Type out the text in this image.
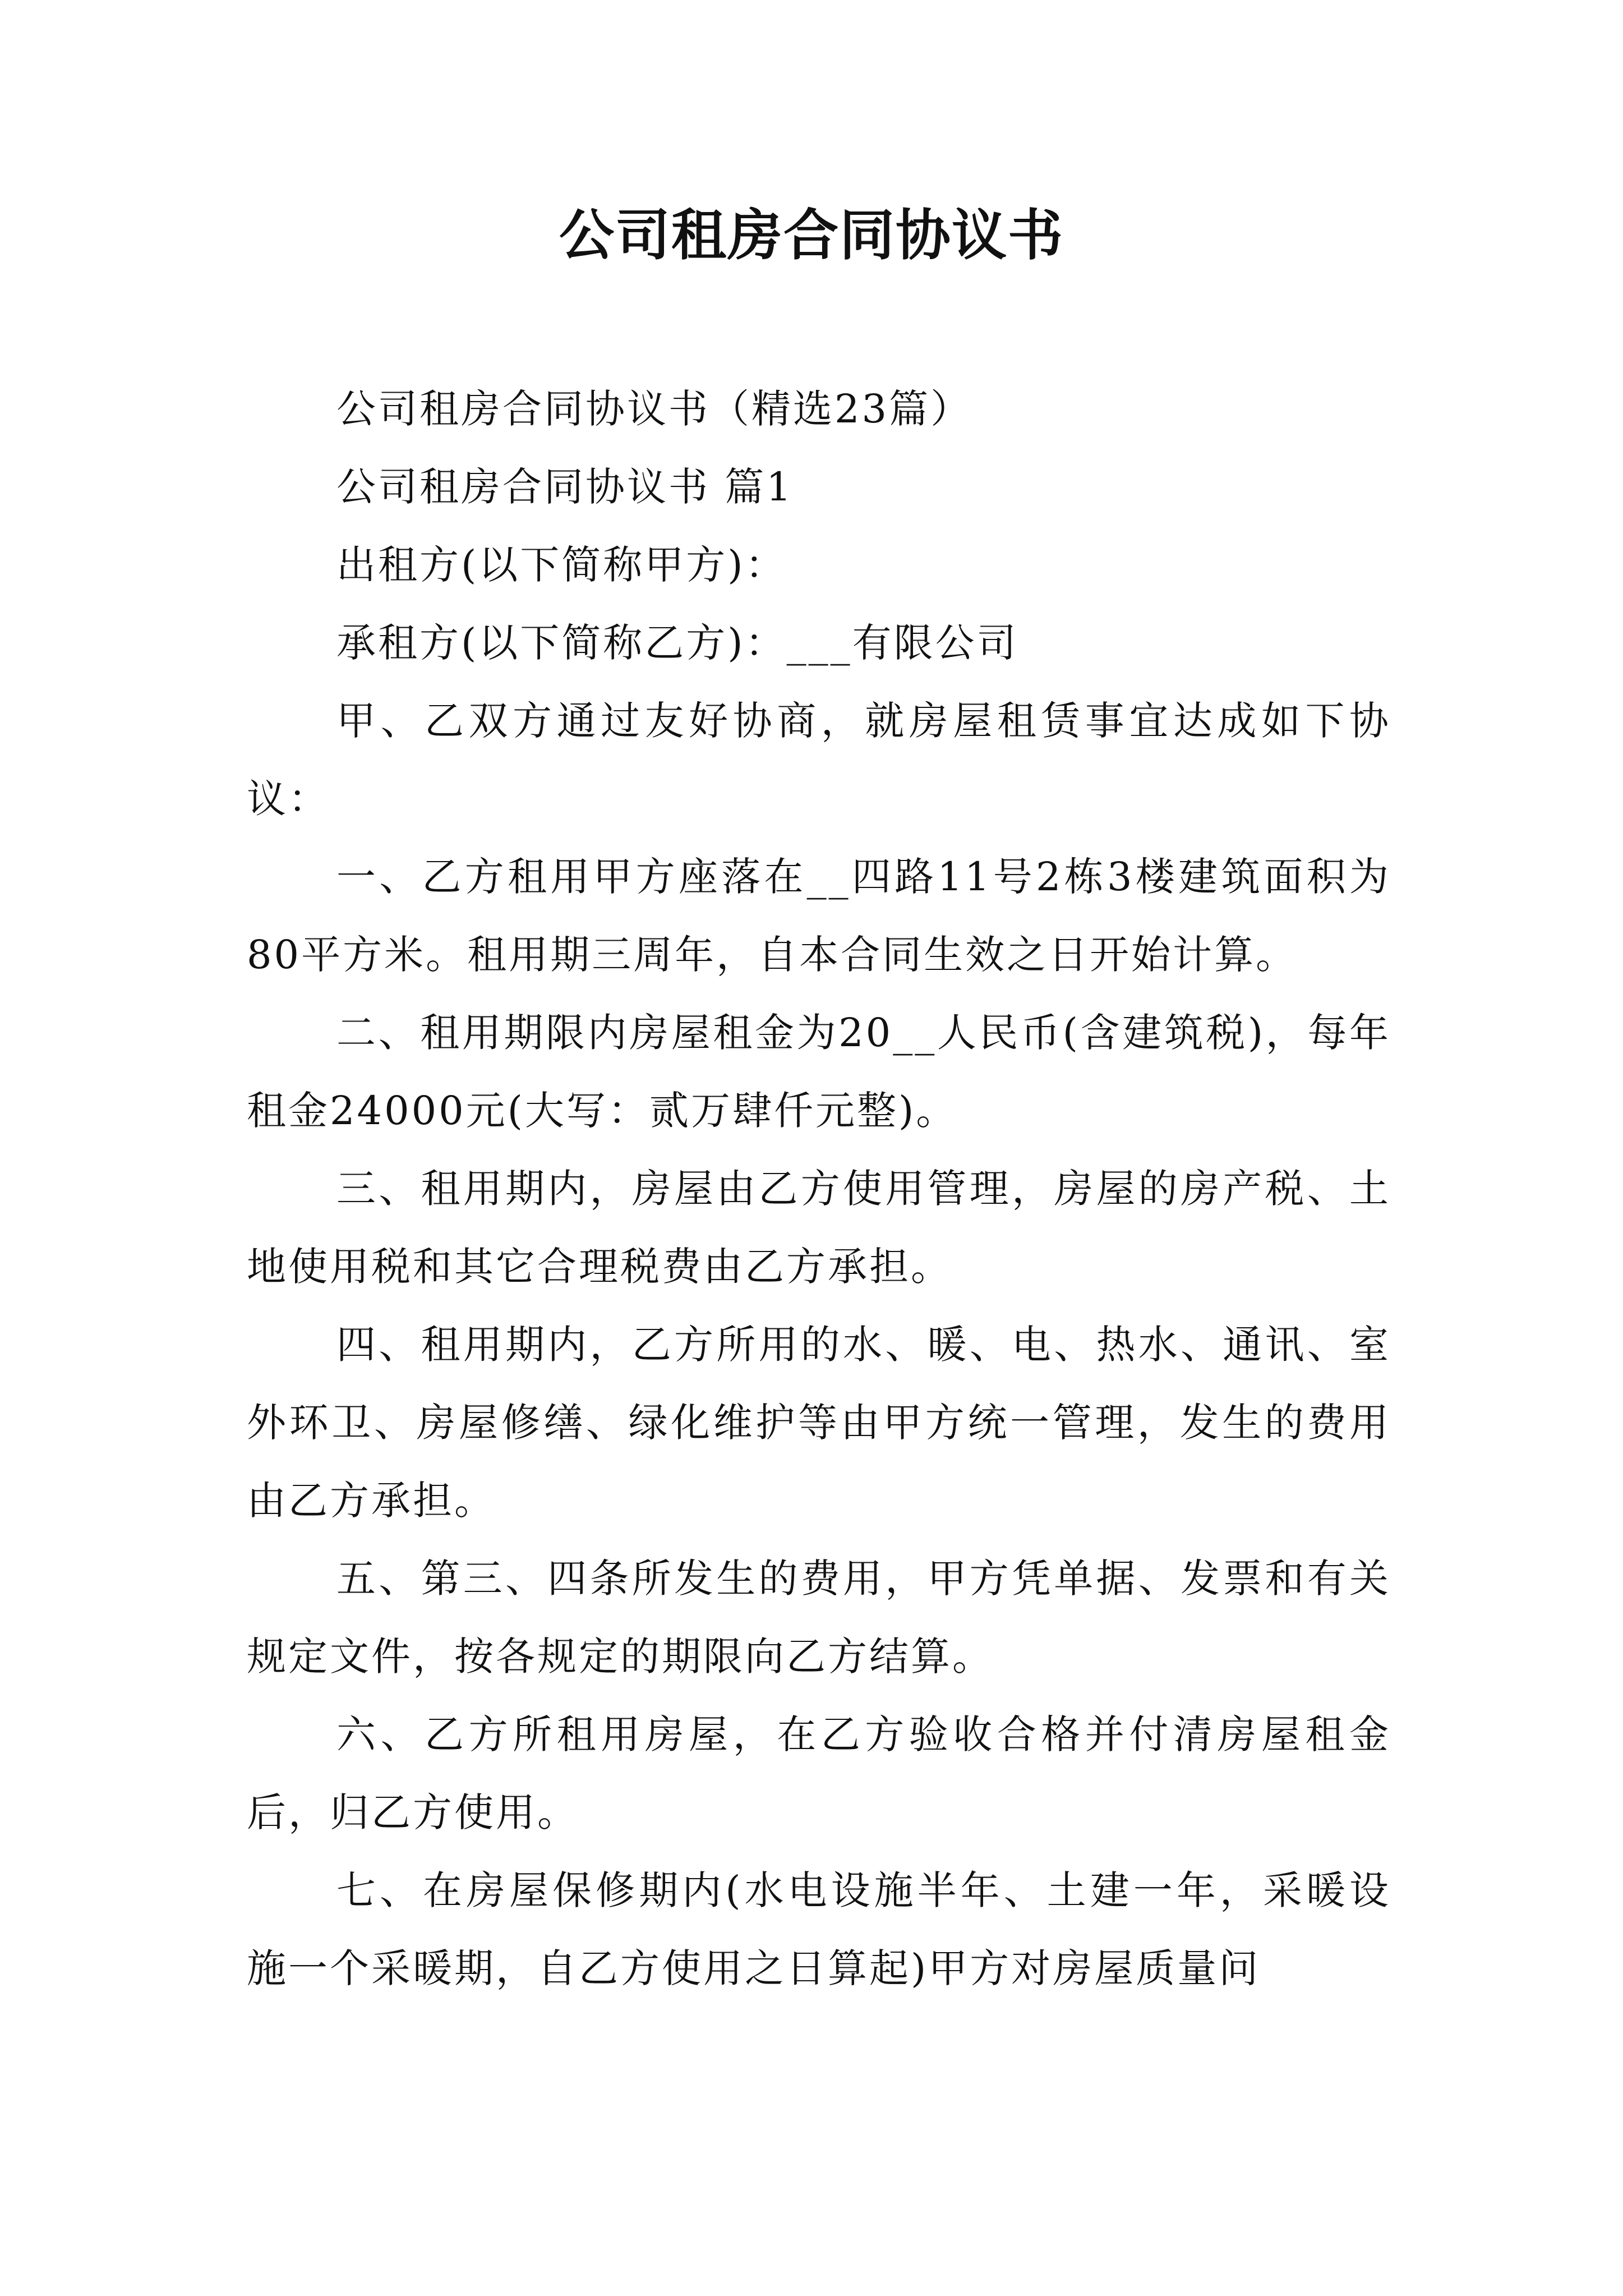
公司租房合同协议书

公司租房合同协议书（精选23篇）

公司租房合同协议书 篇1

出租方(以下简称甲方)：

承租方(以下简称乙方)：___有限公司

甲、乙双方通过友好协商，就房屋租赁事宜达成如下协议：

一、乙方租用甲方座落在__四路11号2栋3楼建筑面积为80平方米。租用期三周年，自本合同生效之日开始计算。

二、租用期限内房屋租金为20__人民币(含建筑税)，每年租金24000元(大写：贰万肆仟元整)。

三、租用期内，房屋由乙方使用管理，房屋的房产税、土地使用税和其它合理税费由乙方承担。

四、租用期内，乙方所用的水、暖、电、热水、通讯、室外环卫、房屋修缮、绿化维护等由甲方统一管理，发生的费用由乙方承担。

五、第三、四条所发生的费用，甲方凭单据、发票和有关规定文件，按各规定的期限向乙方结算。

六、乙方所租用房屋，在乙方验收合格并付清房屋租金后，归乙方使用。

七、在房屋保修期内(水电设施半年、土建一年，采暖设施一个采暖期，自乙方使用之日算起)甲方对房屋质量问
